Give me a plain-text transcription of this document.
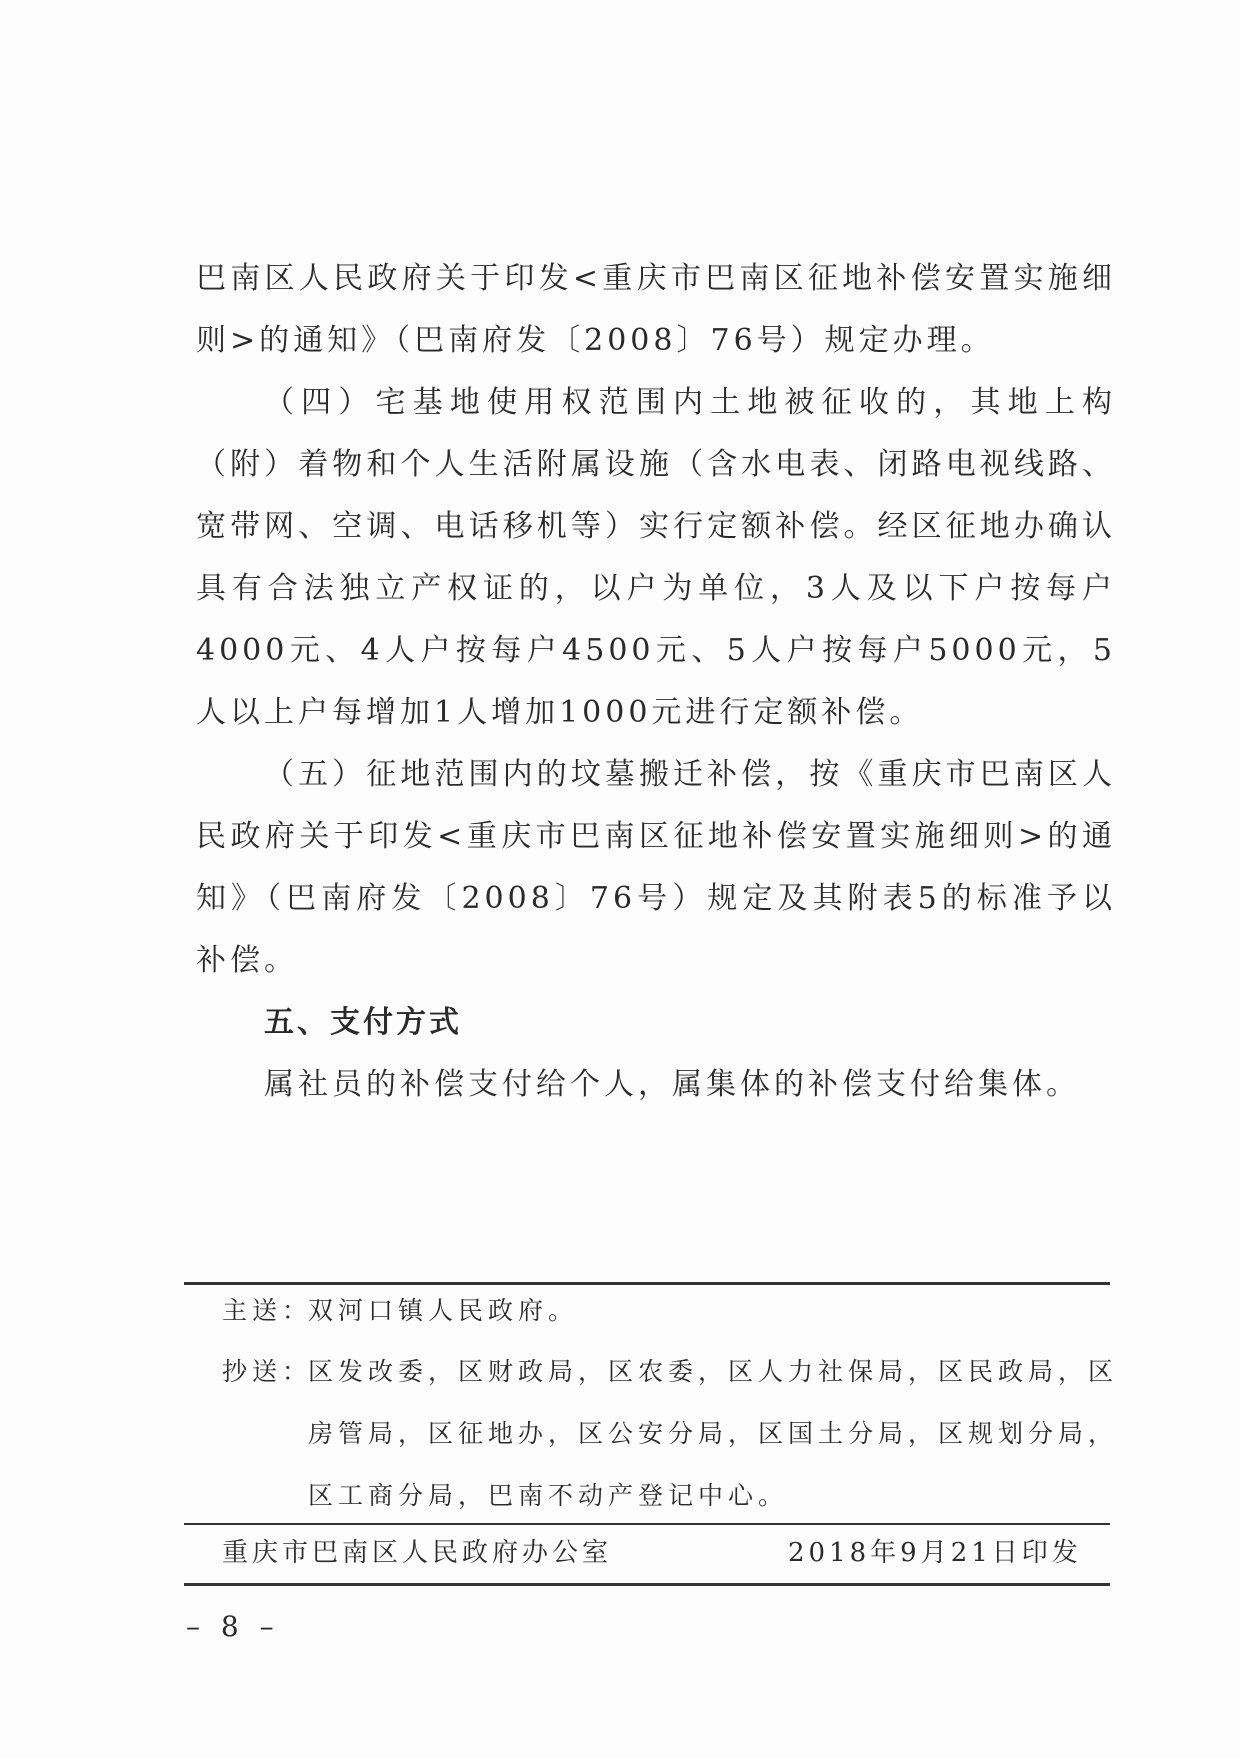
巴南区人民政府关于印发<重庆市巴南区征地补偿安置实施细则>的通知》（巴南府发〔2008〕76号）规定办理。

（四）宅基地使用权范围内土地被征收的，其地上构（附）着物和个人生活附属设施（含水电表、闭路电视线路、宽带网、空调、电话移机等）实行定额补偿。经区征地办确认具有合法独立产权证的，以户为单位，3人及以下户按每户4000元、4人户按每户4500元、5人户按每户5000元，5人以上户每增加1人增加1000元进行定额补偿。

（五）征地范围内的坟墓搬迁补偿，按《重庆市巴南区人民政府关于印发<重庆市巴南区征地补偿安置实施细则>的通知》（巴南府发〔2008〕76号）规定及其附表5的标准予以补偿。

五、支付方式

属社员的补偿支付给个人，属集体的补偿支付给集体。

主送：
双河口镇人民政府。
抄送：
区发改委，区财政局，区农委，区人力社保局，区民政局，区房管局，区征地办，区公安分局，区国土分局，区规划分局，区工商分局，巴南不动产登记中心。
重庆市巴南区人民政府办公室	2018年9月21日印发
– 8 –
